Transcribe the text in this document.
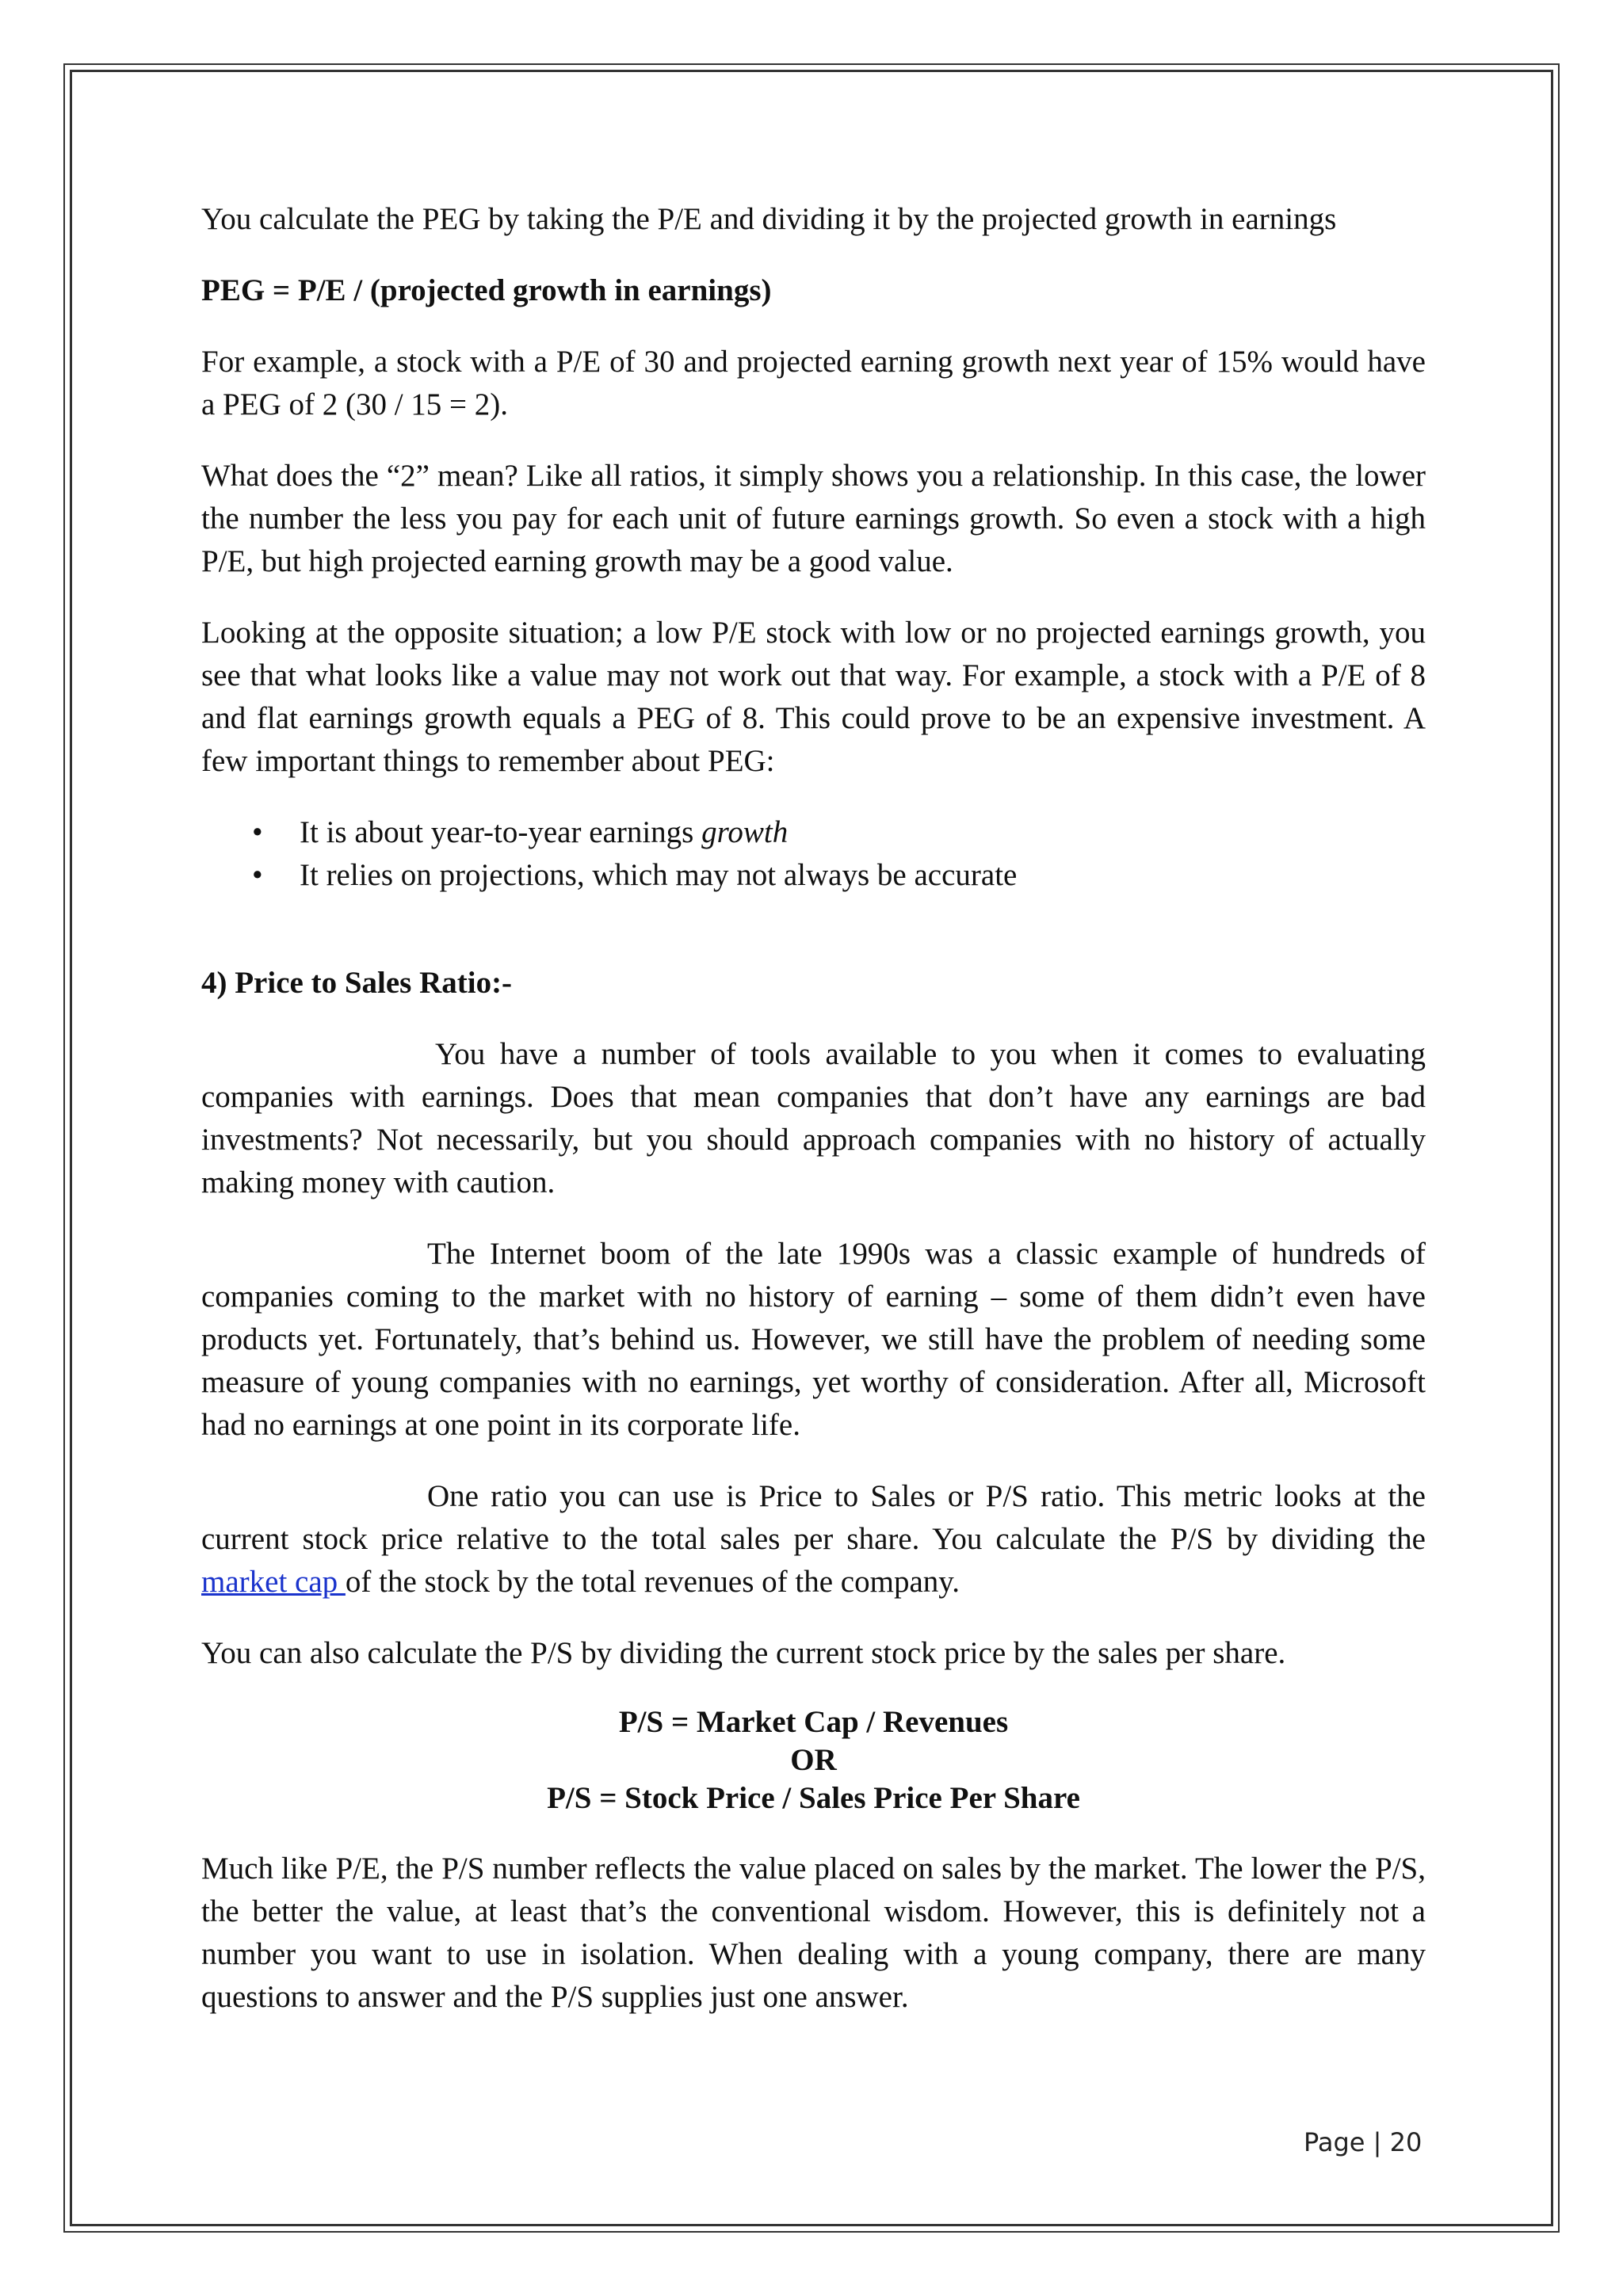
You calculate the PEG by taking the P/E and dividing it by the projected growth in earnings

PEG = P/E / (projected growth in earnings)

For example, a stock with a P/E of 30 and projected earning growth next year of 15% would have a PEG of 2 (30 / 15 = 2).

What does the “2” mean? Like all ratios, it simply shows you a relationship. In this case, the lower the number the less you pay for each unit of future earnings growth. So even a stock with a high P/E, but high projected earning growth may be a good value.

Looking at the opposite situation; a low P/E stock with low or no projected earnings growth, you see that what looks like a value may not work out that way. For example, a stock with a P/E of 8 and flat earnings growth equals a PEG of 8. This could prove to be an expensive investment. A few important things to remember about PEG:

• It is about year-to-year earnings growth
• It relies on projections, which may not always be accurate

4) Price to Sales Ratio:-

You have a number of tools available to you when it comes to evaluating companies with earnings. Does that mean companies that don’t have any earnings are bad investments? Not necessarily, but you should approach companies with no history of actually making money with caution.

The Internet boom of the late 1990s was a classic example of hundreds of companies coming to the market with no history of earning – some of them didn’t even have products yet. Fortunately, that’s behind us. However, we still have the problem of needing some measure of young companies with no earnings, yet worthy of consideration. After all, Microsoft had no earnings at one point in its corporate life.

One ratio you can use is Price to Sales or P/S ratio. This metric looks at the current stock price relative to the total sales per share. You calculate the P/S by dividing the market cap of the stock by the total revenues of the company.

You can also calculate the P/S by dividing the current stock price by the sales per share.

P/S = Market Cap / Revenues
OR
P/S = Stock Price / Sales Price Per Share

Much like P/E, the P/S number reflects the value placed on sales by the market. The lower the P/S, the better the value, at least that’s the conventional wisdom. However, this is definitely not a number you want to use in isolation. When dealing with a young company, there are many questions to answer and the P/S supplies just one answer.

Page | 20
